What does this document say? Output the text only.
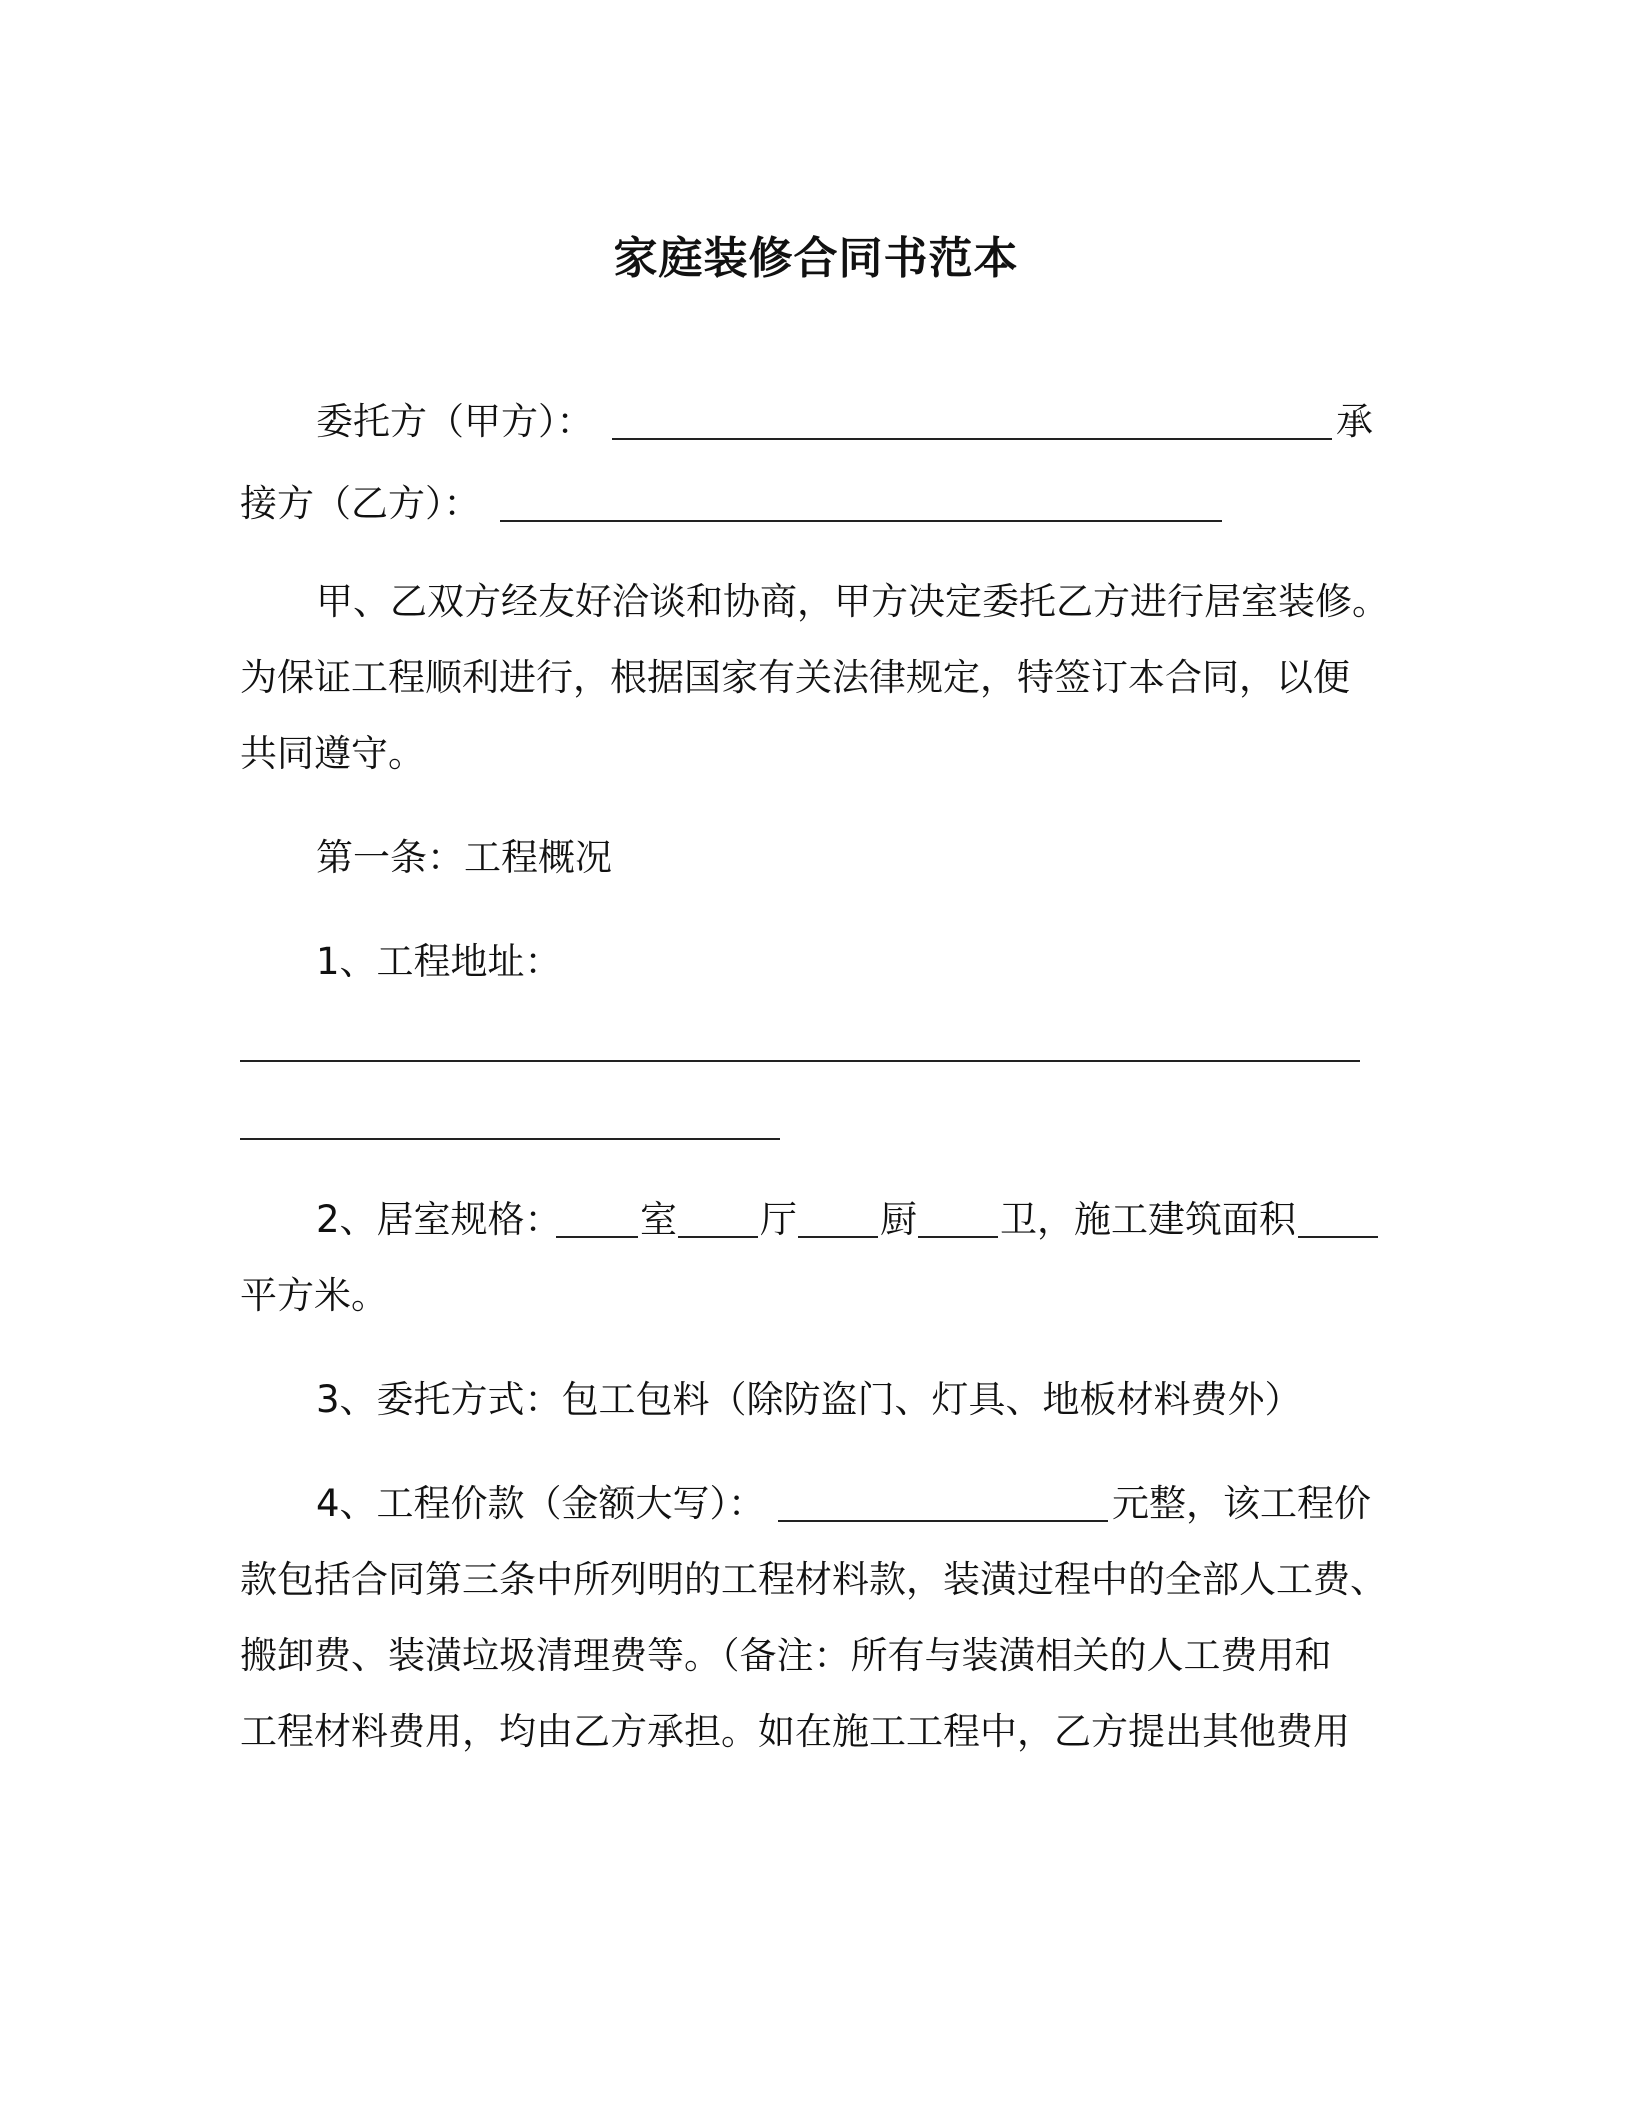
家庭装修合同书范本
委托方（甲方）：	承
接方（乙方）：
甲、乙双方经友好洽谈和协商，甲方决定委托乙方进行居室装修。
为保证工程顺利进行，根据国家有关法律规定，特签订本合同，以便
共同遵守。
第一条：工程概况
1、工程地址：
2、居室规格： 室 厅 厨 卫，施工建筑面积
平方米。
3、委托方式：包工包料（除防盗门、灯具、地板材料费外）
4、工程价款（金额大写）：	元整，该工程价
款包括合同第三条中所列明的工程材料款，装潢过程中的全部人工费、
搬卸费、装潢垃圾清理费等。（备注：所有与装潢相关的人工费用和
工程材料费用，均由乙方承担。如在施工工程中，乙方提出其他费用
